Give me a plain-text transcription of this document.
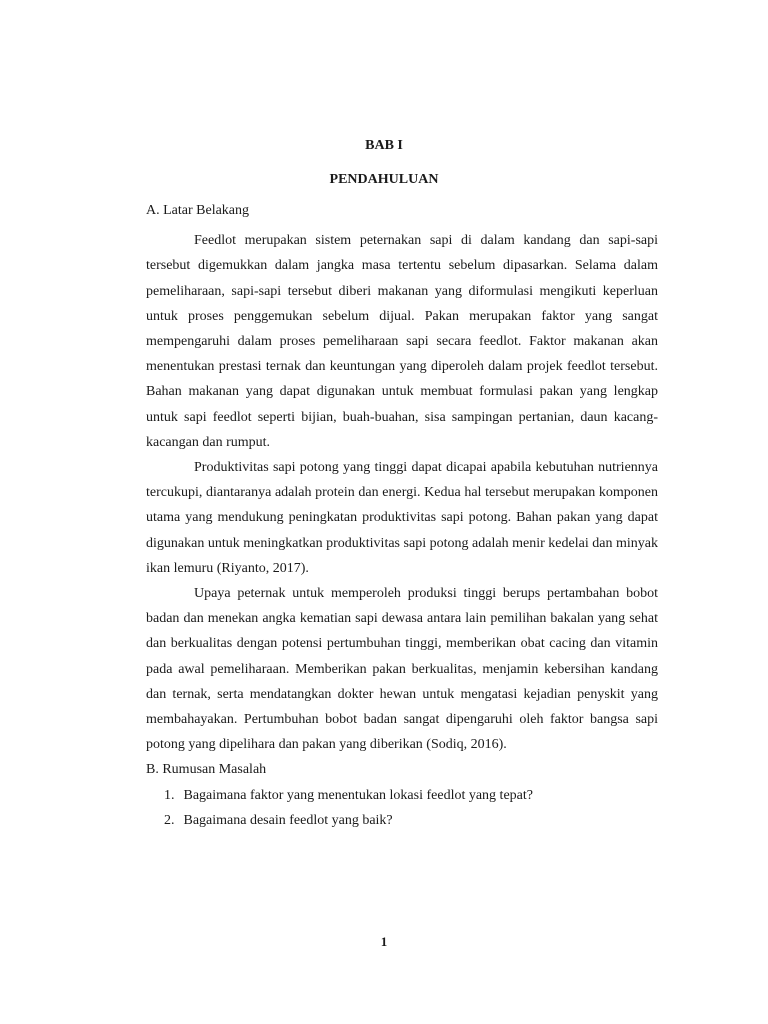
BAB I
PENDAHULUAN
A. Latar Belakang

Feedlot merupakan sistem peternakan sapi di dalam kandang dan sapi-sapi tersebut digemukkan dalam jangka masa tertentu sebelum dipasarkan. Selama dalam pemeliharaan, sapi-sapi tersebut diberi makanan yang diformulasi mengikuti keperluan untuk proses penggemukan sebelum dijual. Pakan merupakan faktor yang sangat mempengaruhi dalam proses pemeliharaan sapi secara feedlot. Faktor makanan akan menentukan prestasi ternak dan keuntungan yang diperoleh dalam projek feedlot tersebut. Bahan makanan yang dapat digunakan untuk membuat formulasi pakan yang lengkap untuk sapi feedlot seperti bijian, buah-buahan, sisa sampingan pertanian, daun kacang-kacangan dan rumput.

Produktivitas sapi potong yang tinggi dapat dicapai apabila kebutuhan nutriennya tercukupi, diantaranya adalah protein dan energi. Kedua hal tersebut merupakan komponen utama yang mendukung peningkatan produktivitas sapi potong. Bahan pakan yang dapat digunakan untuk meningkatkan produktivitas sapi potong adalah menir kedelai dan minyak ikan lemuru (Riyanto, 2017).

Upaya peternak untuk memperoleh produksi tinggi berups pertambahan bobot badan dan menekan angka kematian sapi dewasa antara lain pemilihan bakalan yang sehat dan berkualitas dengan potensi pertumbuhan tinggi, memberikan obat cacing dan vitamin pada awal pemeliharaan. Memberikan pakan berkualitas, menjamin kebersihan kandang dan ternak, serta mendatangkan dokter hewan untuk mengatasi kejadian penyskit yang membahayakan. Pertumbuhan bobot badan sangat dipengaruhi oleh faktor bangsa sapi potong yang dipelihara dan pakan yang diberikan (Sodiq, 2016).

B. Rumusan Masalah
1. Bagaimana faktor yang menentukan lokasi feedlot yang tepat?
2. Bagaimana desain feedlot yang baik?
1
